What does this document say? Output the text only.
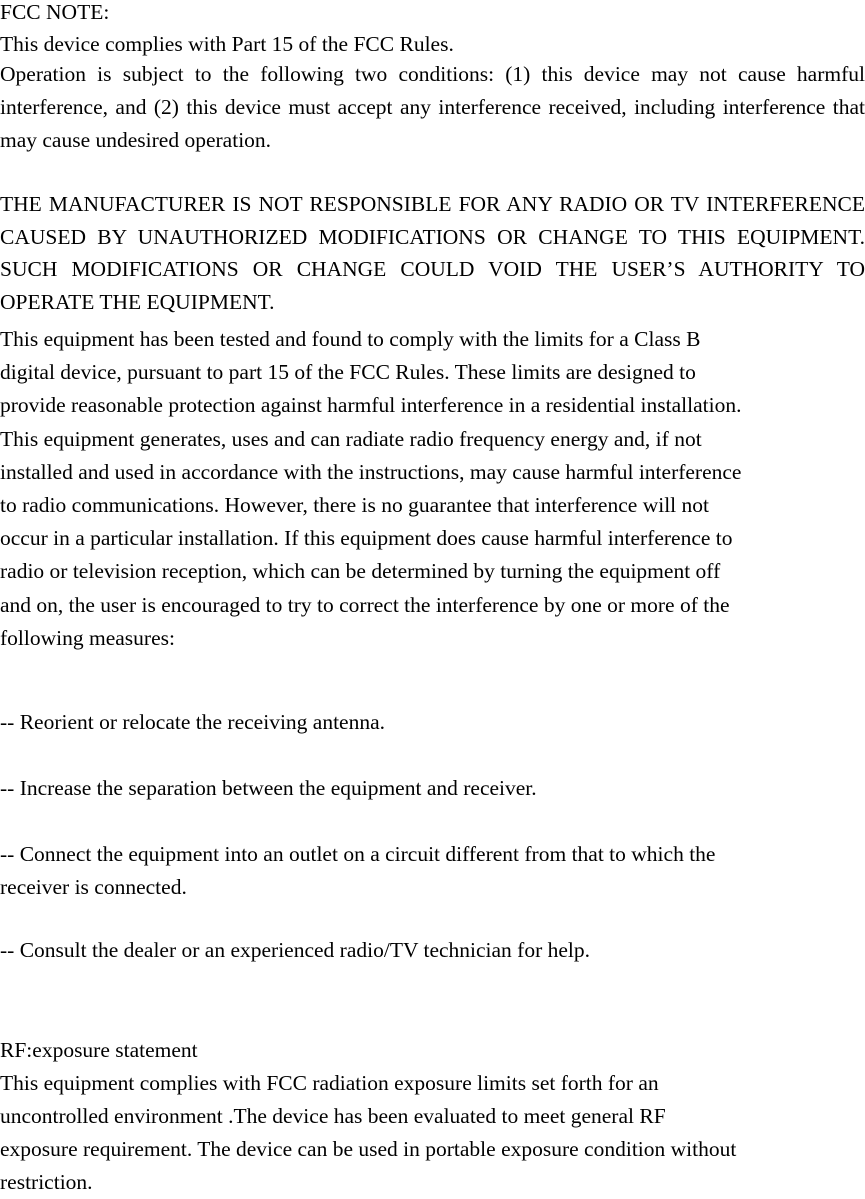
FCC NOTE:

This device complies with Part 15 of the FCC Rules.

Operation is subject to the following two conditions: (1) this device may not cause harmful interference, and (2) this device must accept any interference received, including interference that may cause undesired operation.

THE MANUFACTURER IS NOT RESPONSIBLE FOR ANY RADIO OR TV INTERFERENCE CAUSED BY UNAUTHORIZED MODIFICATIONS OR CHANGE TO THIS EQUIPMENT. SUCH MODIFICATIONS OR CHANGE COULD VOID THE USER’S AUTHORITY TO OPERATE THE EQUIPMENT.

This equipment has been tested and found to comply with the limits for a Class B

digital device, pursuant to part 15 of the FCC Rules. These limits are designed to

provide reasonable protection against harmful interference in a residential installation.

This equipment generates, uses and can radiate radio frequency energy and, if not

installed and used in accordance with the instructions, may cause harmful interference

to radio communications. However, there is no guarantee that interference will not

occur in a particular installation. If this equipment does cause harmful interference to

radio or television reception, which can be determined by turning the equipment off

and on, the user is encouraged to try to correct the interference by one or more of the

following measures:

-- Reorient or relocate the receiving antenna.

-- Increase the separation between the equipment and receiver.

-- Connect the equipment into an outlet on a circuit different from that to which the

receiver is connected.

-- Consult the dealer or an experienced radio/TV technician for help.

RF:exposure statement

This equipment complies with FCC radiation exposure limits set forth for an

uncontrolled environment .The device has been evaluated to meet general RF

exposure requirement. The device can be used in portable exposure condition without

restriction.
